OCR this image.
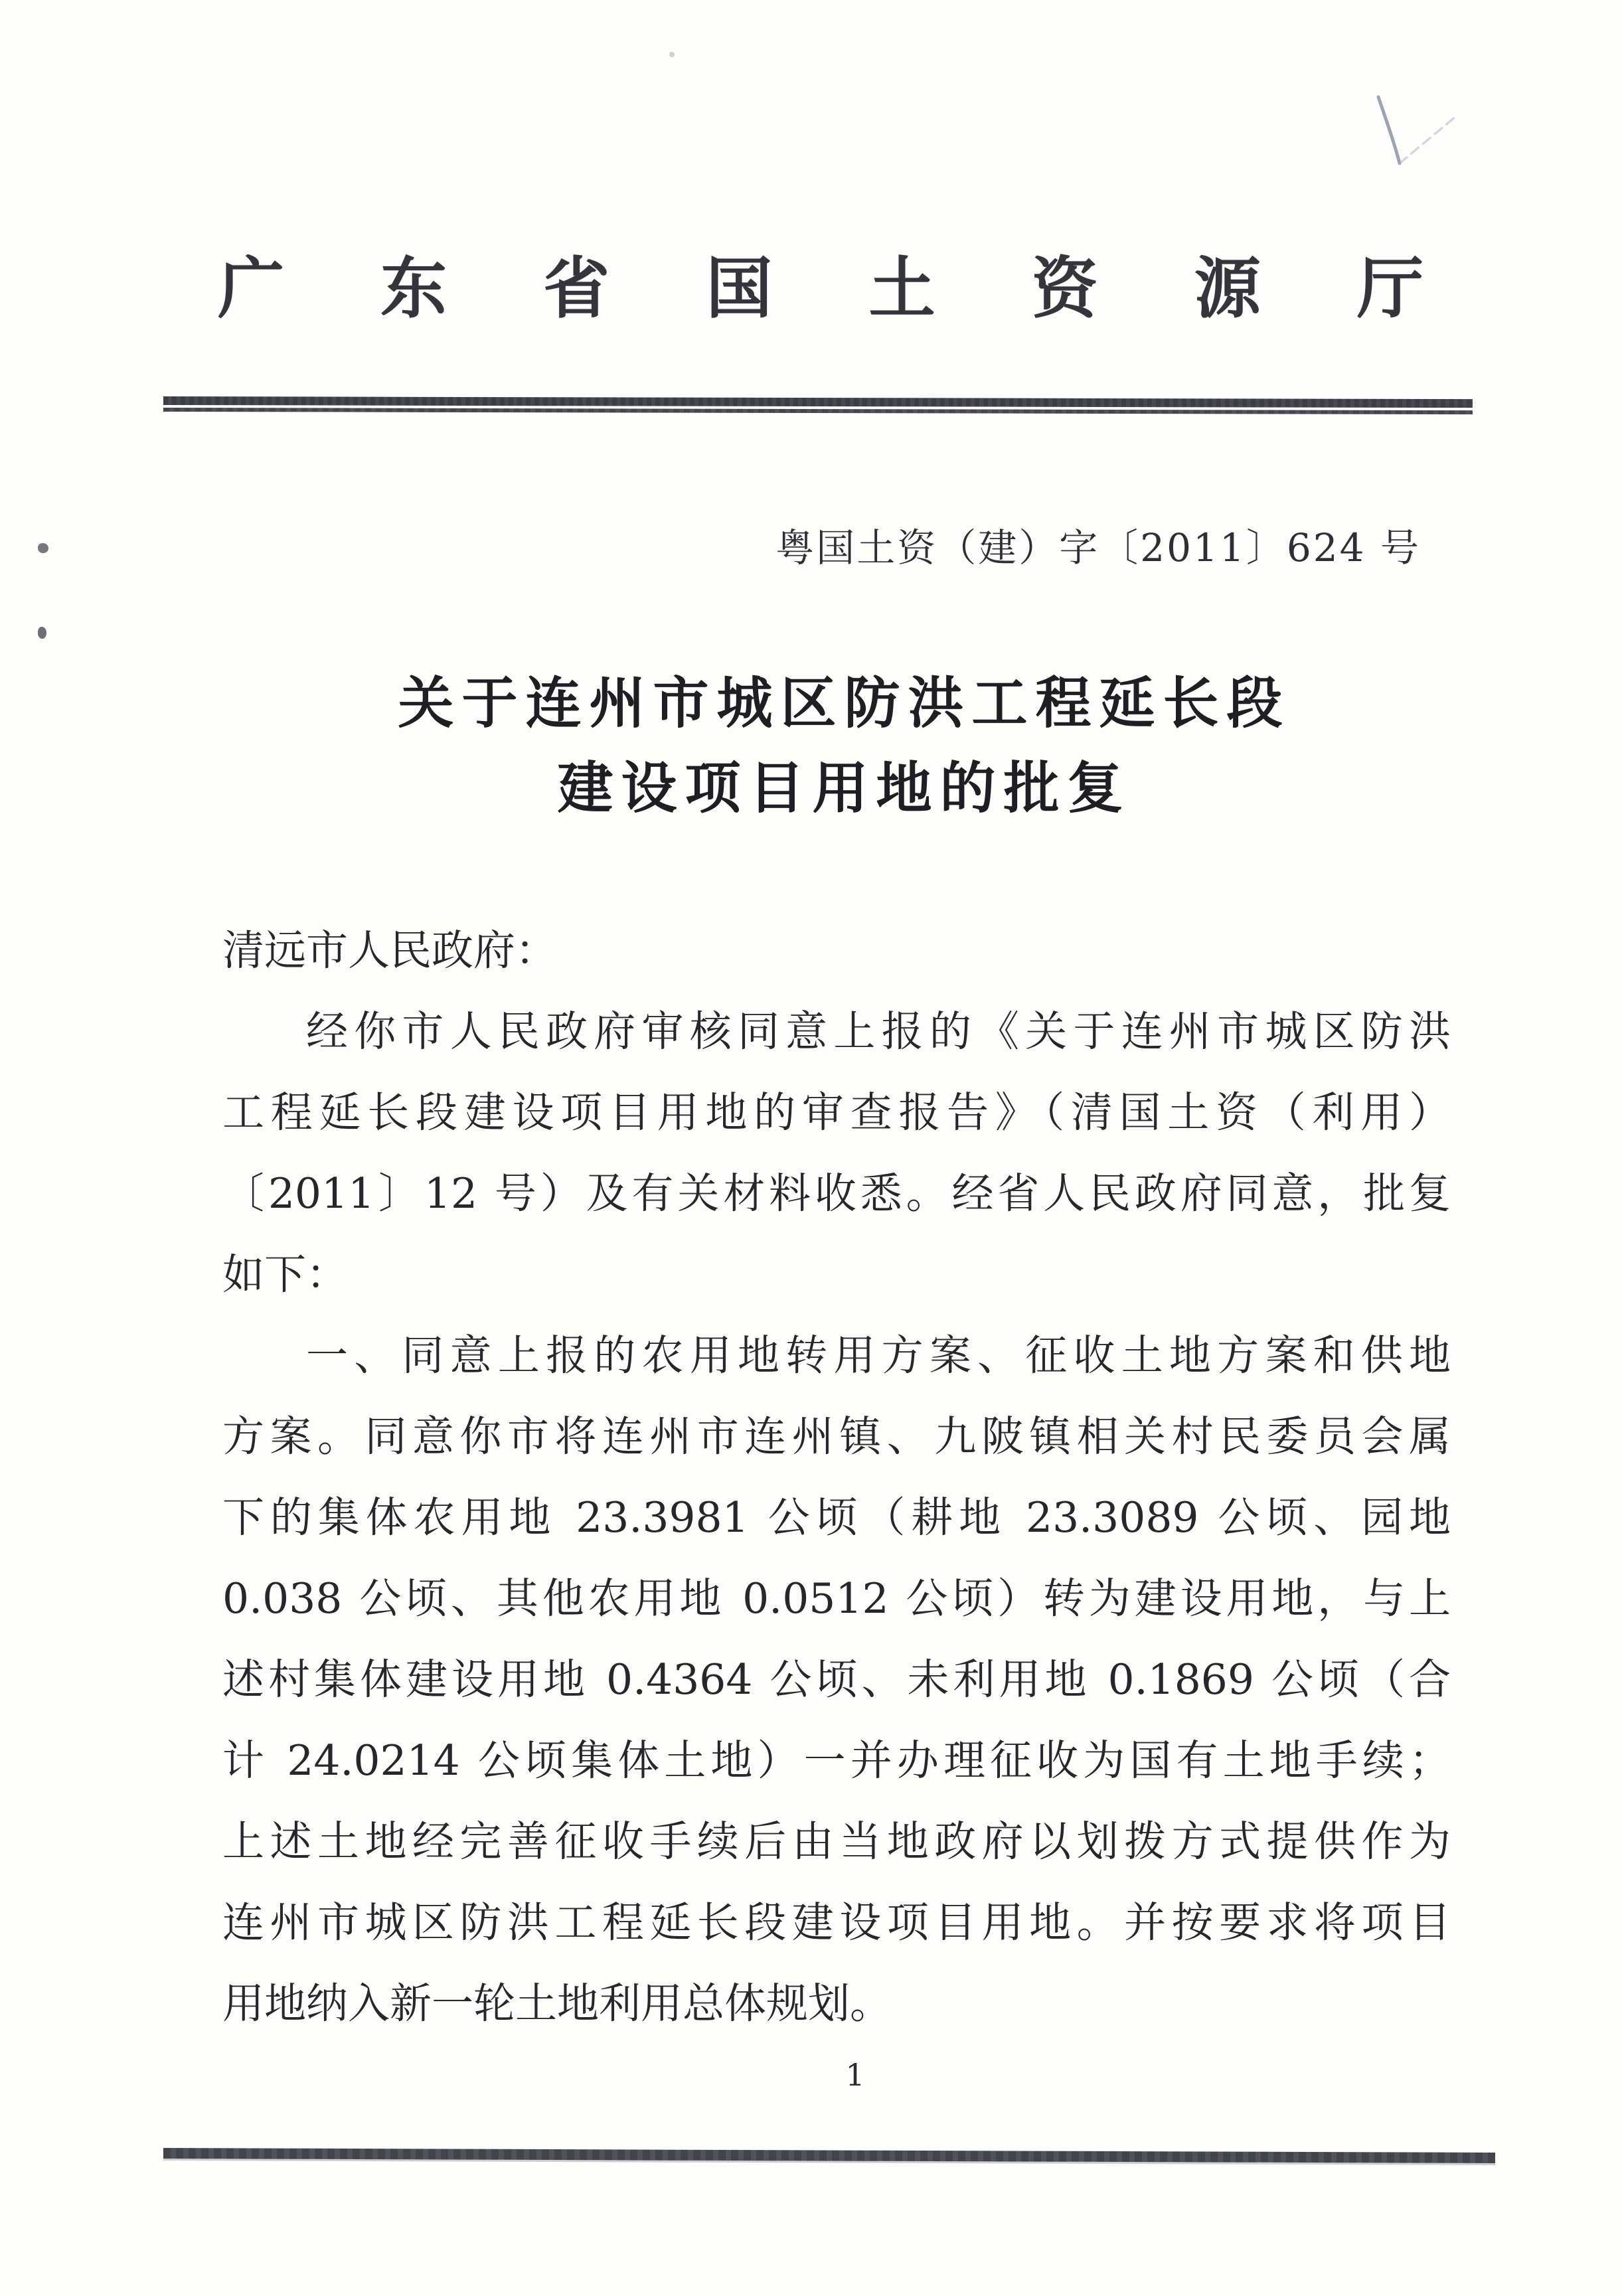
广 东 省 国 土 资 源 厅
粤国土资（建）字〔2011〕624 号
关于连州市城区防洪工程延长段
建设项目用地的批复
清远市人民政府：
经你市人民政府审核同意上报的《关于连州市城区防洪
工程延长段建设项目用地的审查报告》（清国土资（利用）
〔2011〕12 号）及有关材料收悉。经省人民政府同意，批复
如下：
一、同意上报的农用地转用方案、征收土地方案和供地
方案。同意你市将连州市连州镇、九陂镇相关村民委员会属
下的集体农用地 23.3981 公顷（耕地 23.3089 公顷、园地
0.038 公顷、其他农用地 0.0512 公顷）转为建设用地，与上
述村集体建设用地 0.4364 公顷、未利用地 0.1869 公顷（合
计 24.0214 公顷集体土地）一并办理征收为国有土地手续；
上述土地经完善征收手续后由当地政府以划拨方式提供作为
连州市城区防洪工程延长段建设项目用地。并按要求将项目
用地纳入新一轮土地利用总体规划。
1
